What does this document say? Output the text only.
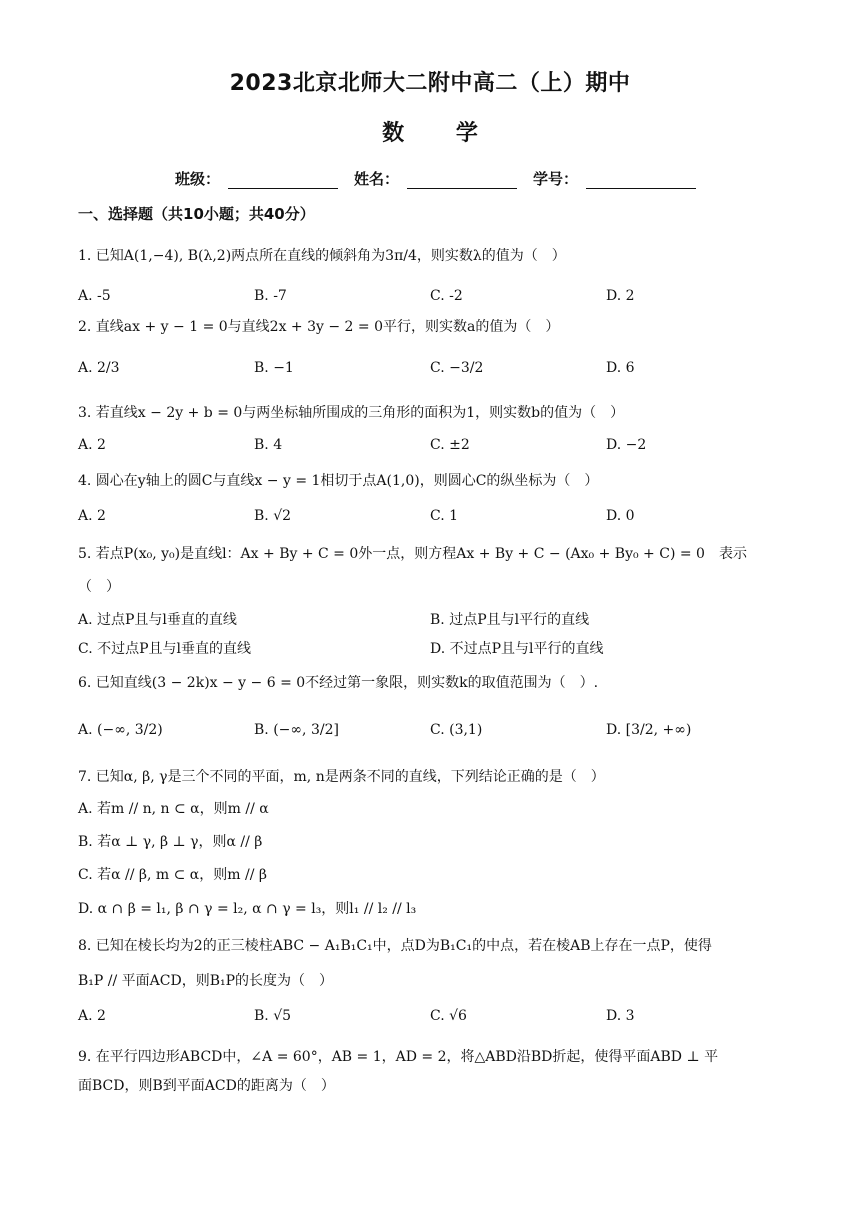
2023北京北师大二附中高二（上）期中
数 学
班级：	姓名：	学号：
一、选择题（共10小题；共40分）
1. 已知A(1,−4), B(λ,2)两点所在直线的倾斜角为3π/4，则实数λ的值为（　）
A. -5	B. -7	C. -2	D. 2
2. 直线ax + y − 1 = 0与直线2x + 3y − 2 = 0平行，则实数a的值为（　）
A. 2/3	B. −1	C. −3/2	D. 6
3. 若直线x − 2y + b = 0与两坐标轴所围成的三角形的面积为1，则实数b的值为（　）
A. 2	B. 4	C. ±2	D. −2
4. 圆心在y轴上的圆C与直线x − y = 1相切于点A(1,0)，则圆心C的纵坐标为（　）
A. 2	B. √2	C. 1	D. 0
5. 若点P(x₀, y₀)是直线l：Ax + By + C = 0外一点，则方程Ax + By + C − (Ax₀ + By₀ + C) = 0　表示
（　）
A. 过点P且与l垂直的直线	B. 过点P且与l平行的直线
C. 不过点P且与l垂直的直线	D. 不过点P且与l平行的直线
6. 已知直线(3 − 2k)x − y − 6 = 0不经过第一象限，则实数k的取值范围为（　）.
A. (−∞, 3/2)	B. (−∞, 3/2]	C. (3,1)	D. [3/2, +∞)
7. 已知α, β, γ是三个不同的平面，m, n是两条不同的直线，下列结论正确的是（　）
A. 若m // n, n ⊂ α，则m // α
B. 若α ⊥ γ, β ⊥ γ，则α // β
C. 若α // β, m ⊂ α，则m // β
D. α ∩ β = l₁, β ∩ γ = l₂, α ∩ γ = l₃，则l₁ // l₂ // l₃
8. 已知在棱长均为2的正三棱柱ABC − A₁B₁C₁中，点D为B₁C₁的中点，若在棱AB上存在一点P，使得
B₁P // 平面ACD，则B₁P的长度为（　）
A. 2	B. √5	C. √6	D. 3
9. 在平行四边形ABCD中，∠A = 60°，AB = 1，AD = 2，将△ABD沿BD折起，使得平面ABD ⊥ 平
面BCD，则B到平面ACD的距离为（　）
